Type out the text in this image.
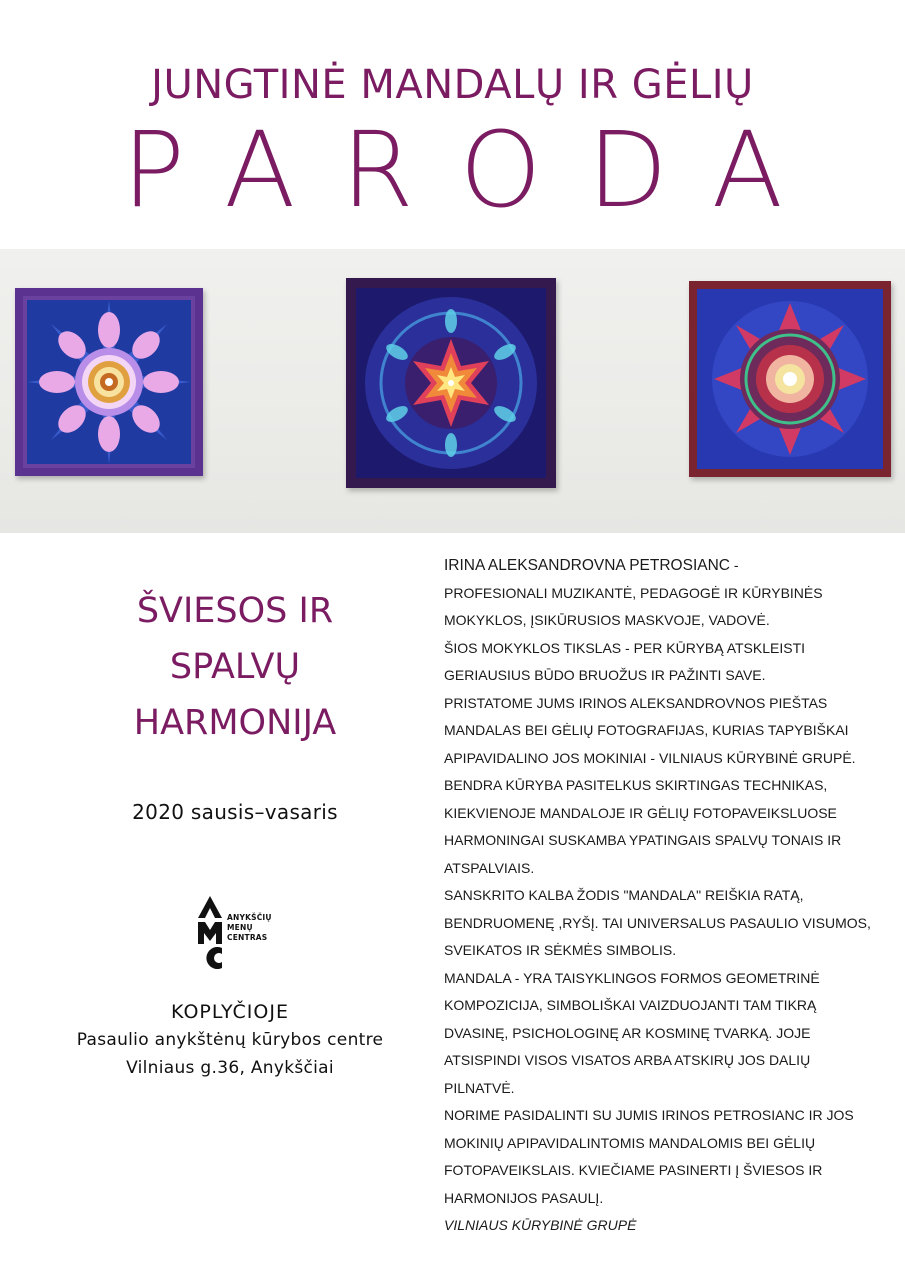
JUNGTINĖ MANDALŲ IR GĖLIŲ
PARODA
ŠVIESOS IR
SPALVŲ
HARMONIJA
2020 sausis–vasaris
ANYKŠČIŲ
MENŲ
CENTRAS
KOPLYČIOJE
Pasaulio anykštėnų kūrybos centre
Vilniaus g.36, Anykščiai
IRINA ALEKSANDROVNA PETROSIANC -
PROFESIONALI MUZIKANTĖ, PEDAGOGĖ IR KŪRYBINĖS
MOKYKLOS, ĮSIKŪRUSIOS MASKVOJE, VADOVĖ.
ŠIOS MOKYKLOS TIKSLAS - PER KŪRYBĄ ATSKLEISTI
GERIAUSIUS BŪDO BRUOŽUS IR PAŽINTI SAVE.
PRISTATOME JUMS IRINOS ALEKSANDROVNOS PIEŠTAS
MANDALAS BEI GĖLIŲ FOTOGRAFIJAS, KURIAS TAPYBIŠKAI
APIPAVIDALINO JOS MOKINIAI - VILNIAUS KŪRYBINĖ GRUPĖ.
BENDRA KŪRYBA PASITELKUS SKIRTINGAS TECHNIKAS,
KIEKVIENOJE MANDALOJE IR GĖLIŲ FOTOPAVEIKSLUOSE
HARMONINGAI SUSKAMBA YPATINGAIS SPALVŲ TONAIS IR
ATSPALVIAIS.
SANSKRITO KALBA ŽODIS "MANDALA" REIŠKIA RATĄ,
BENDRUOMENĘ ,RYŠĮ. TAI UNIVERSALUS PASAULIO VISUMOS,
SVEIKATOS IR SĖKMĖS SIMBOLIS.
MANDALA - YRA TAISYKLINGOS FORMOS GEOMETRINĖ
KOMPOZICIJA, SIMBOLIŠKAI VAIZDUOJANTI TAM TIKRĄ
DVASINĘ, PSICHOLOGINĘ AR KOSMINĘ TVARKĄ. JOJE
ATSISPINDI VISOS VISATOS ARBA ATSKIRŲ JOS DALIŲ
PILNATVĖ.
NORIME PASIDALINTI SU JUMIS IRINOS PETROSIANC IR JOS
MOKINIŲ APIPAVIDALINTOMIS MANDALOMIS BEI GĖLIŲ
FOTOPAVEIKSLAIS. KVIEČIAME PASINERTI Į ŠVIESOS IR
HARMONIJOS PASAULĮ.
VILNIAUS KŪRYBINĖ GRUPĖ
